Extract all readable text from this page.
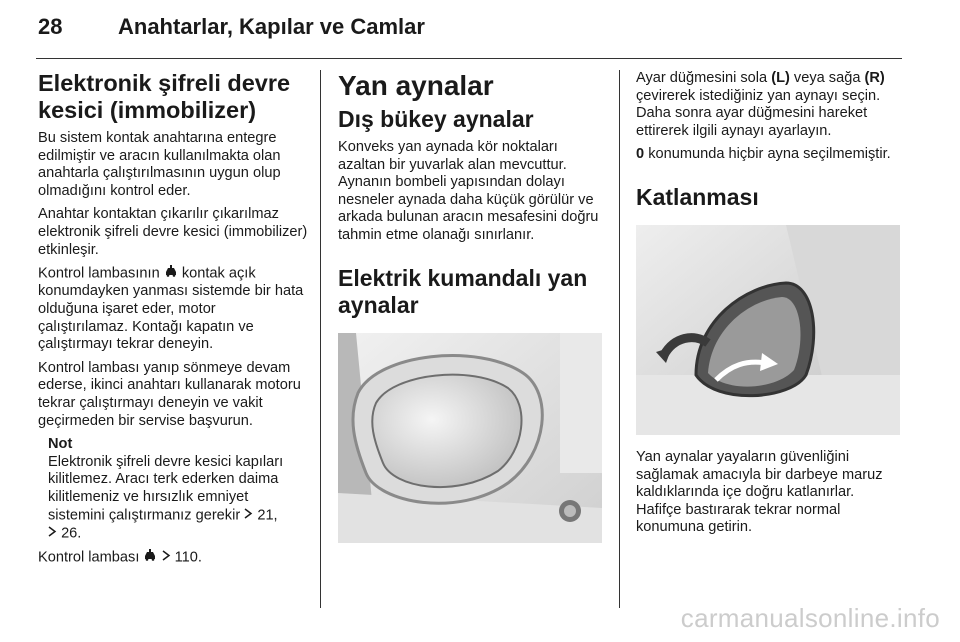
28	Anahtarlar, Kapılar ve Camlar
Elektronik şifreli devre kesici (immobilizer)

Bu sistem kontak anahtarına entegre edilmiştir ve aracın kullanılmakta olan anahtarla çalıştırılmasının uygun olup olmadığını kontrol eder.

Anahtar kontaktan çıkarılır çıkarılmaz elektronik şifreli devre kesici (immobilizer) etkinleşir.

Kontrol lambasının kontak açık konumdayken yanması sistemde bir hata olduğuna işaret eder, motor çalıştırılamaz. Kontağı kapatın ve çalıştırmayı tekrar deneyin.

Kontrol lambası yanıp sönmeye devam ederse, ikinci anahtarı kullanarak motoru tekrar çalıştırmayı deneyin ve vakit geçirmeden bir servise başvurun.

Not

Elektronik şifreli devre kesici kapıları kilitlemez. Aracı terk ederken daima kilitlemeniz ve hırsızlık emniyet sistemini çalıştırmanız gerekir 21,
26.

Kontrol lambası 110.

Yan aynalar
Dış bükey aynalar

Konveks yan aynada kör noktaları azaltan bir yuvarlak alan mevcuttur. Aynanın bombeli yapısından dolayı nesneler aynada daha küçük görülür ve arkada bulunan aracın mesafesini doğru tahmin etme olanağı sınırlanır.

Elektrik kumandalı yan aynalar

Ayar düğmesini sola (L) veya sağa (R) çevirerek istediğiniz yan aynayı seçin. Daha sonra ayar düğmesini hareket ettirerek ilgili aynayı ayarlayın.

0 konumunda hiçbir ayna seçilmemiştir.

Katlanması

Yan aynalar yayaların güvenliğini sağlamak amacıyla bir darbeye maruz kaldıklarında içe doğru katlanırlar. Hafifçe bastırarak tekrar normal konumuna getirin.

carmanualsonline.info
